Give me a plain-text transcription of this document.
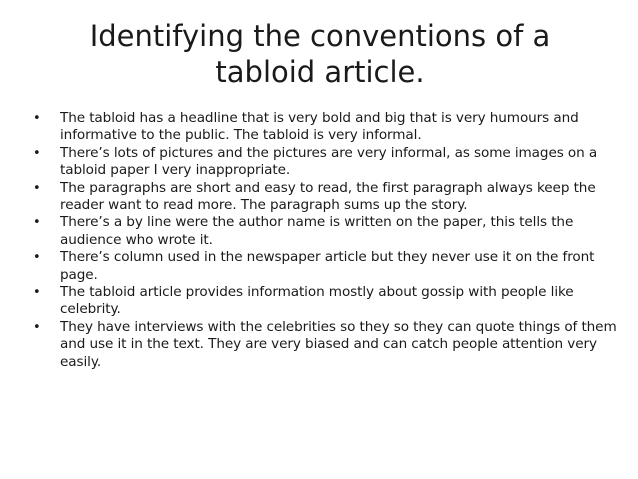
Identifying the conventions of a tabloid article.
•	The tabloid has a headline that is very bold and big that is very humours and informative to the public. The tabloid is very informal.
•	There’s lots of pictures and the pictures are very informal, as some images on a tabloid paper I very inappropriate.
•	The paragraphs are short and easy to read, the first paragraph always keep the reader want to read more. The paragraph sums up the story.
•	There’s a by line were the author name is written on the paper, this tells the audience who wrote it.
•	There’s column used in the newspaper article but they never use it on the front page.
•	The tabloid article provides information mostly about gossip with people like celebrity.
•	They have interviews with the celebrities so they so they can quote things of them and use it in the text. They are very biased and can catch people attention very easily.
